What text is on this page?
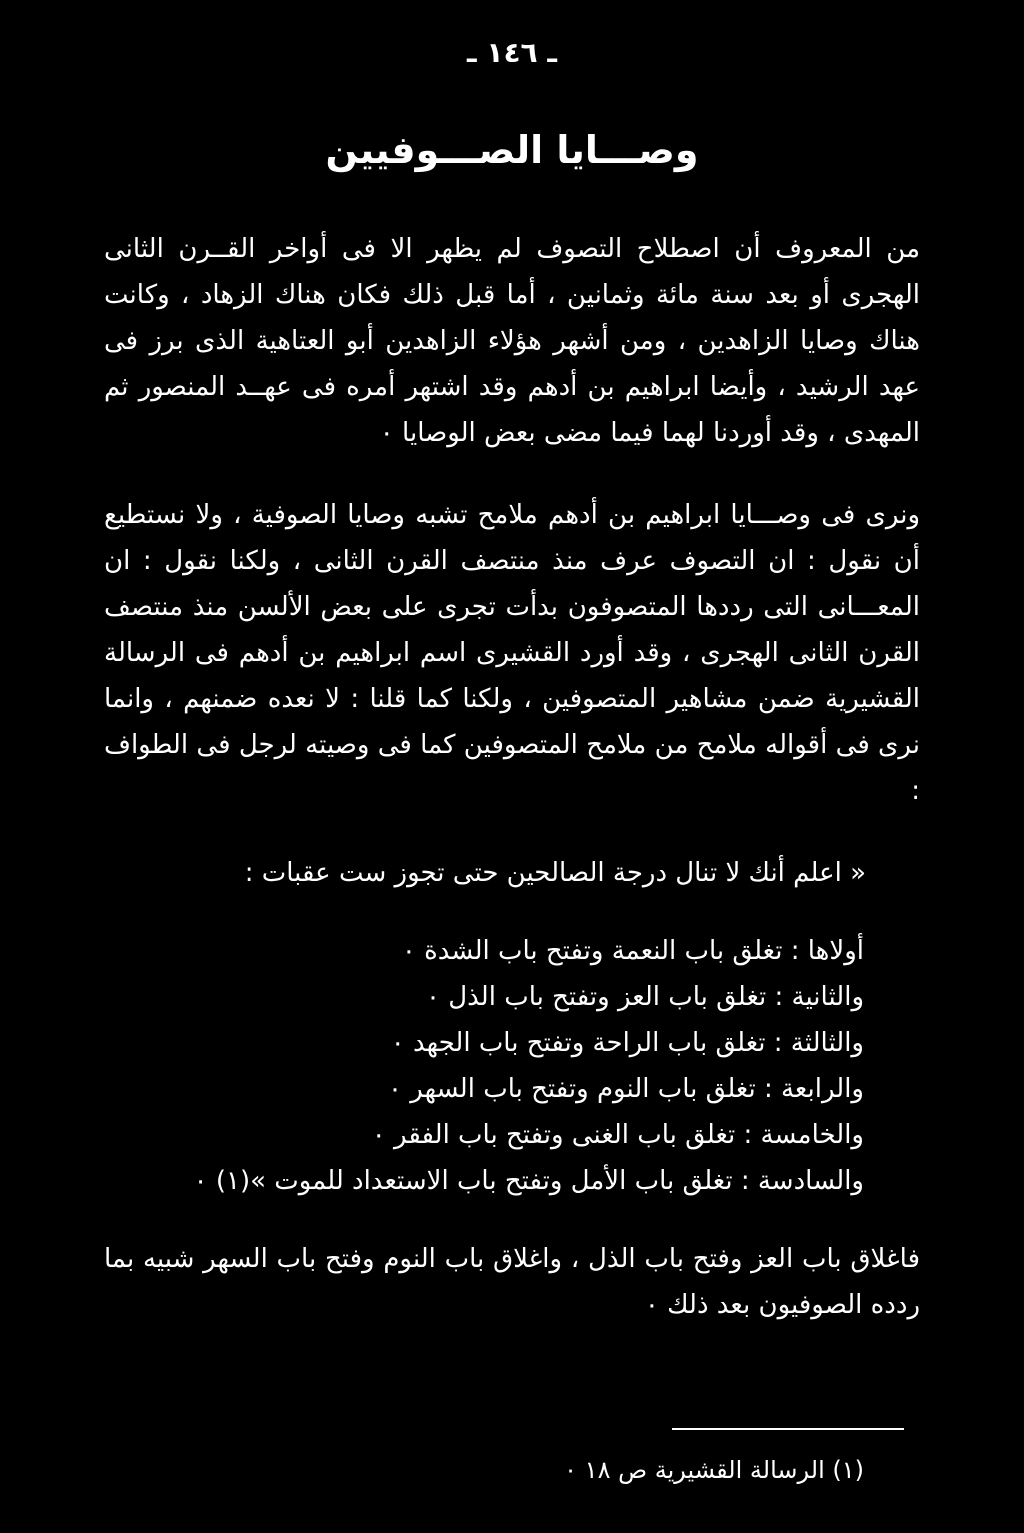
ـ ١٤٦ ـ
وصـــايا الصـــوفيين

من المعروف أن اصطلاح التصوف لم يظهر الا فى أواخر القــرن الثانى الهجرى أو بعد سنة مائة وثمانين ، أما قبل ذلك فكان هناك الزهاد ، وكانت هناك وصايا الزاهدين ، ومن أشهر هؤلاء الزاهدين أبو العتاهية الذى برز فى عهد الرشيد ، وأيضا ابراهيم بن أدهم وقد اشتهر أمره فى عهــد المنصور ثم المهدى ، وقد أوردنا لهما فيما مضى بعض الوصايا ٠

ونرى فى وصـــايا ابراهيم بن أدهم ملامح تشبه وصايا الصوفية ، ولا نستطيع أن نقول : ان التصوف عرف منذ منتصف القرن الثانى ، ولكنا نقول : ان المعـــانى التى رددها المتصوفون بدأت تجرى على بعض الألسن منذ منتصف القرن الثانى الهجرى ، وقد أورد القشيرى اسم ابراهيم بن أدهم فى الرسالة القشيرية ضمن مشاهير المتصوفين ، ولكنا كما قلنا : لا نعده ضمنهم ، وانما نرى فى أقواله ملامح من ملامح المتصوفين كما فى وصيته لرجل فى الطواف :

« اعلم أنك لا تنال درجة الصالحين حتى تجوز ست عقبات :
أولاها : تغلق باب النعمة وتفتح باب الشدة ٠
والثانية : تغلق باب العز وتفتح باب الذل ٠
والثالثة : تغلق باب الراحة وتفتح باب الجهد ٠
والرابعة : تغلق باب النوم وتفتح باب السهر ٠
والخامسة : تغلق باب الغنى وتفتح باب الفقر ٠
والسادسة : تغلق باب الأمل وتفتح باب الاستعداد للموت »(١) ٠

فاغلاق باب العز وفتح باب الذل ، واغلاق باب النوم وفتح باب السهر شبيه بما ردده الصوفيون بعد ذلك ٠

(١) الرسالة القشيرية ص ١٨ ٠
